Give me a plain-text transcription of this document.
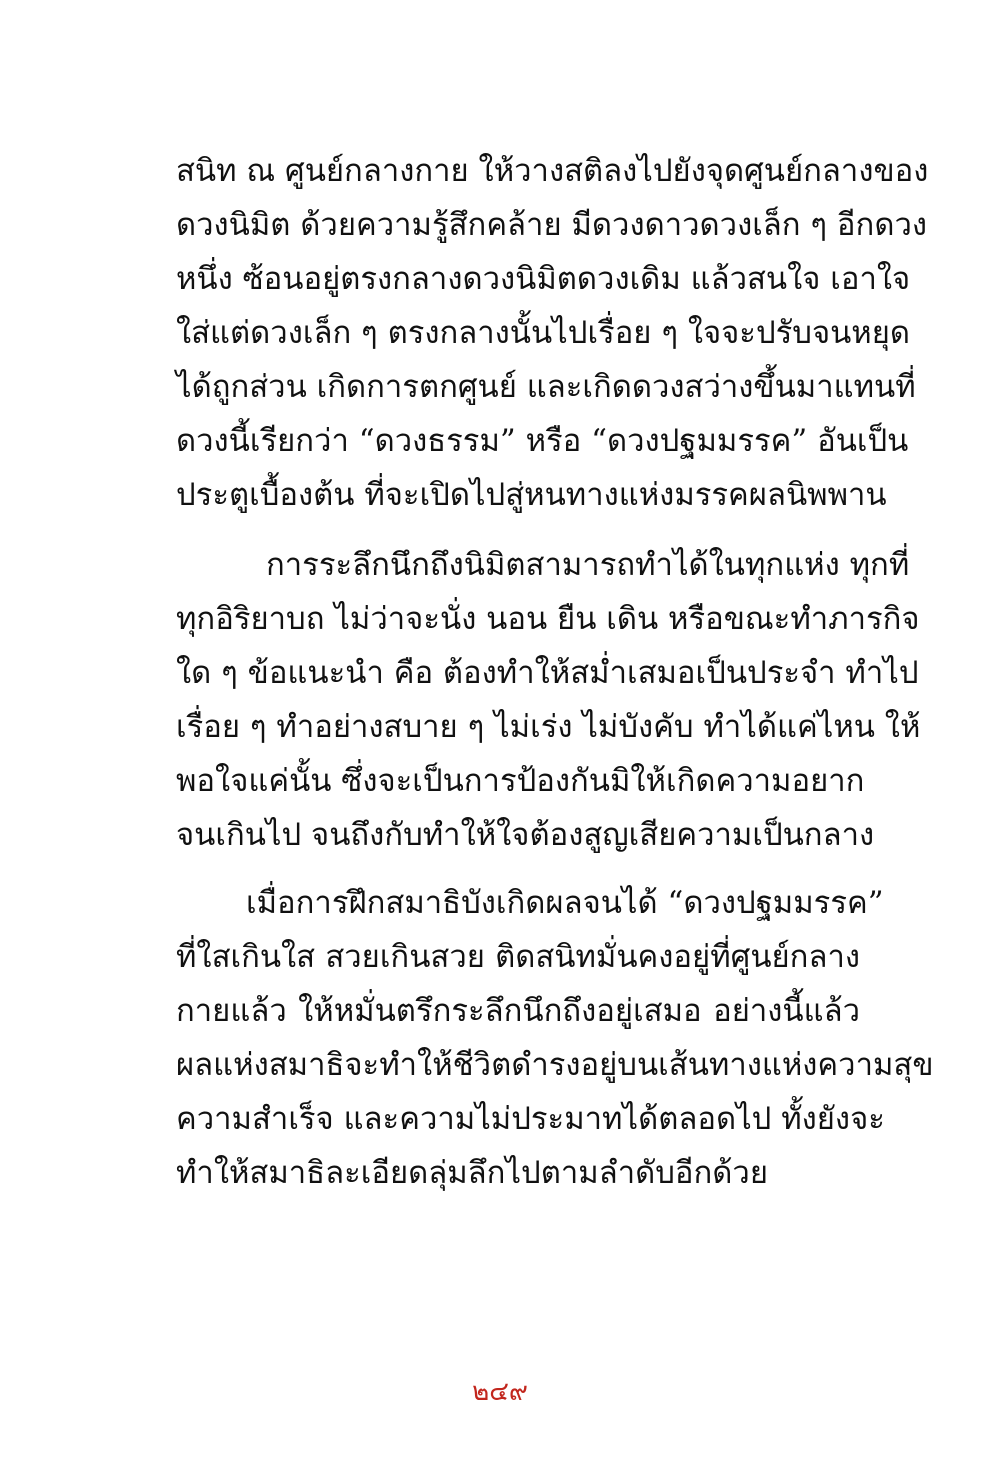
สนิท ณ ศูนย์กลางกาย ให้วางสติลงไปยังจุดศูนย์กลางของ
ดวงนิมิต ด้วยความรู้สึกคล้าย มีดวงดาวดวงเล็ก ๆ อีกดวง
หนึ่ง ซ้อนอยู่ตรงกลางดวงนิมิตดวงเดิม แล้วสนใจ เอาใจ
ใส่แต่ดวงเล็ก ๆ ตรงกลางนั้นไปเรื่อย ๆ ใจจะปรับจนหยุด
ได้ถูกส่วน เกิดการตกศูนย์ และเกิดดวงสว่างขึ้นมาแทนที่
ดวงนี้เรียกว่า “ดวงธรรม” หรือ “ดวงปฐมมรรค” อันเป็น
ประตูเบื้องต้น ที่จะเปิดไปสู่หนทางแห่งมรรคผลนิพพาน
การระลึกนึกถึงนิมิตสามารถทำได้ในทุกแห่ง ทุกที่
ทุกอิริยาบถ ไม่ว่าจะนั่ง นอน ยืน เดิน หรือขณะทำภารกิจ
ใด ๆ ข้อแนะนำ คือ ต้องทำให้สม่ำเสมอเป็นประจำ ทำไป
เรื่อย ๆ ทำอย่างสบาย ๆ ไม่เร่ง ไม่บังคับ ทำได้แค่ไหน ให้
พอใจแค่นั้น ซึ่งจะเป็นการป้องกันมิให้เกิดความอยาก
จนเกินไป จนถึงกับทำให้ใจต้องสูญเสียความเป็นกลาง
เมื่อการฝึกสมาธิบังเกิดผลจนได้ “ดวงปฐมมรรค”
ที่ใสเกินใส สวยเกินสวย ติดสนิทมั่นคงอยู่ที่ศูนย์กลาง
กายแล้ว ให้หมั่นตรึกระลึกนึกถึงอยู่เสมอ อย่างนี้แล้ว
ผลแห่งสมาธิจะทำให้ชีวิตดำรงอยู่บนเส้นทางแห่งความสุข
ความสำเร็จ และความไม่ประมาทได้ตลอดไป ทั้งยังจะ
ทำให้สมาธิละเอียดลุ่มลึกไปตามลำดับอีกด้วย
๒๔๙
